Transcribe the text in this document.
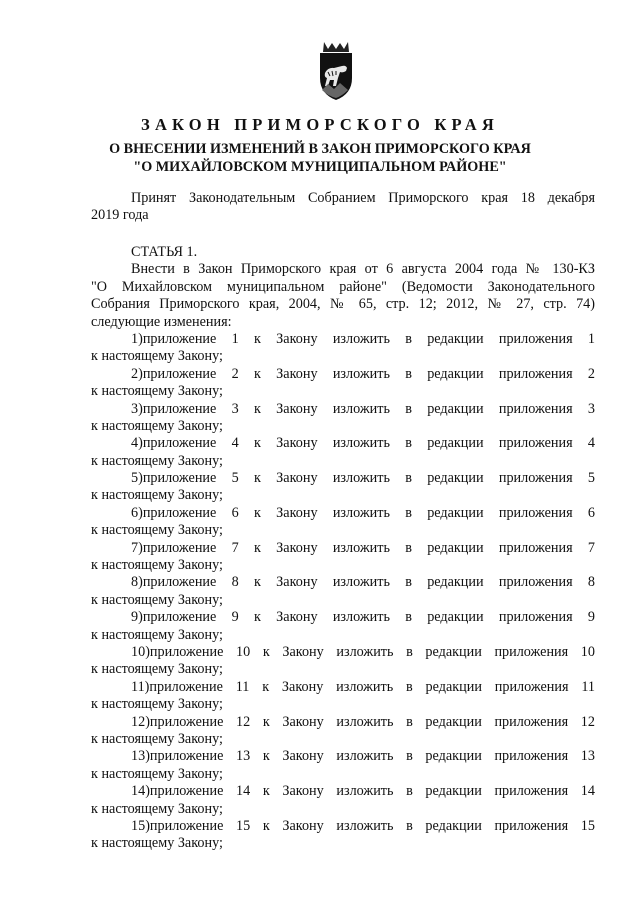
ЗАКОН ПРИМОРСКОГО КРАЯ
О ВНЕСЕНИИ ИЗМЕНЕНИЙ В ЗАКОН ПРИМОРСКОГО КРАЯ
"О МИХАЙЛОВСКОМ МУНИЦИПАЛЬНОМ РАЙОНЕ"
Принят Законодательным Собранием Приморского края 18 декабря
2019 года
СТАТЬЯ 1.
Внести в Закон Приморского края от 6 августа 2004 года № 130-КЗ
"О Михайловском муниципальном районе" (Ведомости Законодательного
Собрания Приморского края, 2004, № 65, стр. 12; 2012, № 27, стр. 74)
следующие изменения:
1)приложение 1 к Закону изложить в редакции приложения 1
к настоящему Закону;
2)приложение 2 к Закону изложить в редакции приложения 2
к настоящему Закону;
3)приложение 3 к Закону изложить в редакции приложения 3
к настоящему Закону;
4)приложение 4 к Закону изложить в редакции приложения 4
к настоящему Закону;
5)приложение 5 к Закону изложить в редакции приложения 5
к настоящему Закону;
6)приложение 6 к Закону изложить в редакции приложения 6
к настоящему Закону;
7)приложение 7 к Закону изложить в редакции приложения 7
к настоящему Закону;
8)приложение 8 к Закону изложить в редакции приложения 8
к настоящему Закону;
9)приложение 9 к Закону изложить в редакции приложения 9
к настоящему Закону;
10)приложение 10 к Закону изложить в редакции приложения 10
к настоящему Закону;
11)приложение 11 к Закону изложить в редакции приложения 11
к настоящему Закону;
12)приложение 12 к Закону изложить в редакции приложения 12
к настоящему Закону;
13)приложение 13 к Закону изложить в редакции приложения 13
к настоящему Закону;
14)приложение 14 к Закону изложить в редакции приложения 14
к настоящему Закону;
15)приложение 15 к Закону изложить в редакции приложения 15
к настоящему Закону;
